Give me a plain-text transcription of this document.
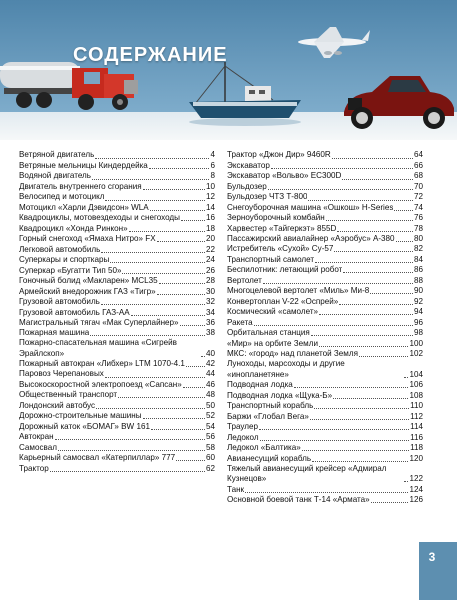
СОДЕРЖАНИЕ
Ветряной двигатель	4
Ветряные мельницы Киндердейка	6
Водяной двигатель	8
Двигатель внутреннего сгорания	10
Велосипед и мотоцикл	12
Мотоцикл «Харли Дэвидсон» WLA	14
Квадроциклы, мотовездеходы и снегоходы	16
Квадроцикл «Хонда Ринкон»	18
Горный снегоход «Ямаха Нитро» FX	20
Легковой автомобиль	22
Суперкары и спорткары	24
Суперкар «Бугатти Тип 50»	26
Гоночный болид «Макларен» MCL35	28
Армейский внедорожник ГАЗ «Тигр»	30
Грузовой автомобиль	32
Грузовой автомобиль ГАЗ-АА	34
Магистральный тягач «Мак Суперлайнер»	36
Пожарная машина	38
Пожарно-спасательная машина «Сигрейв Эрайлскоп»	40
Пожарный автокран «Либхер» LTM 1070-4.1	42
Паровоз Черепановых	44
Высокоскоростной электропоезд «Сапсан»	46
Общественный транспорт	48
Лондонский автобус	50
Дорожно-строительные машины	52
Дорожный каток «БОМАГ» BW 161	54
Автокран	56
Самосвал	58
Карьерный самосвал «Катерпиллар» 777	60
Трактор	62
Трактор «Джон Дир» 9460R	64
Экскаватор	66
Экскаватор «Вольво» EC300D	68
Бульдозер	70
Бульдозер ЧТЗ Т-800	72
Снегоуборочная машина «Ошкош» H-Series	74
Зерноуборочный комбайн	76
Харвестер «Тайгеркэт» 855D	78
Пассажирский авиалайнер «Аэробус» А-380 80
Истребитель «Сухой» Су-57	82
Транспортный самолет	84
Беспилотник: летающий робот	86
Вертолет	88
Многоцелевой вертолет «Миль» Ми-8	90
Конвертоплан V-22 «Оспрей»	92
Космический «самолет»	94
Ракета	96
Орбитальная станция	98
«Мир» на орбите Земли	100
МКС: «город» над планетой Земля	102
Луноходы, марсоходы и другие «инопланетяне»	104
Подводная лодка	106
Подводная лодка «Щука-Б»	108
Транспортный корабль	110
Баржи «Глобал Вега»	112
Траулер	114
Ледокол	116
Ледокол «Балтика»	118
Авианесущий корабль	120
Тяжелый авианесущий крейсер «Адмирал Кузнецов»	122
Танк	124
Основной боевой танк Т-14 «Армата»	126
3
